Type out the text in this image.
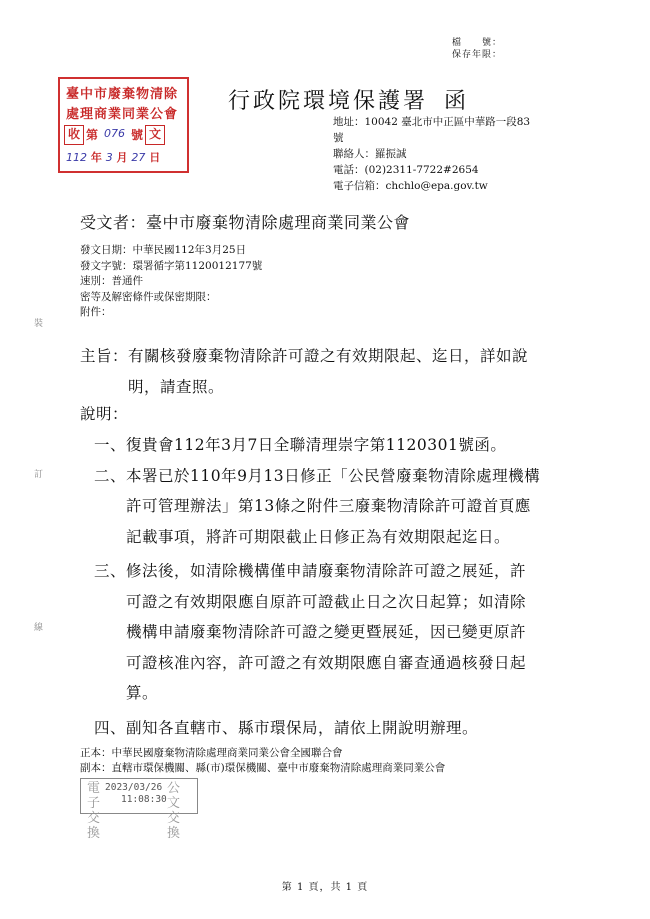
檔　　號：
保存年限：
臺中市廢棄物清除
處理商業同業公會
收 第 076 號 文
112 年 3 月 27 日
行政院環境保護署 函
地址：10042 臺北市中正區中華路一段83
號
聯絡人：羅振誠
電話：(02)2311-7722#2654
電子信箱：chchlo@epa.gov.tw
受文者：臺中市廢棄物清除處理商業同業公會
發文日期：中華民國112年3月25日
發文字號：環署循字第1120012177號
速別：普通件
密等及解密條件或保密期限：
附件：
主旨：有關核發廢棄物清除許可證之有效期限起、迄日，詳如說
明，請查照。
說明：
一、 復貴會112年3月7日全聯清理崇字第1120301號函。
二、 本署已於110年9月13日修正「公民營廢棄物清除處理機構
許可管理辦法」第13條之附件三廢棄物清除許可證首頁應
記載事項，將許可期限截止日修正為有效期限起迄日。
三、 修法後，如清除機構僅申請廢棄物清除許可證之展延，許
可證之有效期限應自原許可證截止日之次日起算；如清除
機構申請廢棄物清除許可證之變更暨展延，因已變更原許
可證核准內容，許可證之有效期限應自審查通過核發日起
算。
四、 副知各直轄市、縣市環保局，請依上開說明辦理。
正本：中華民國廢棄物清除處理商業同業公會全國聯合會
副本：直轄市環保機關、縣(市)環保機關、臺中市廢棄物清除處理商業同業公會
電子交換
公文交換
2023/03/26
11:08:30
第 1 頁，共 1 頁
裝
訂
線
